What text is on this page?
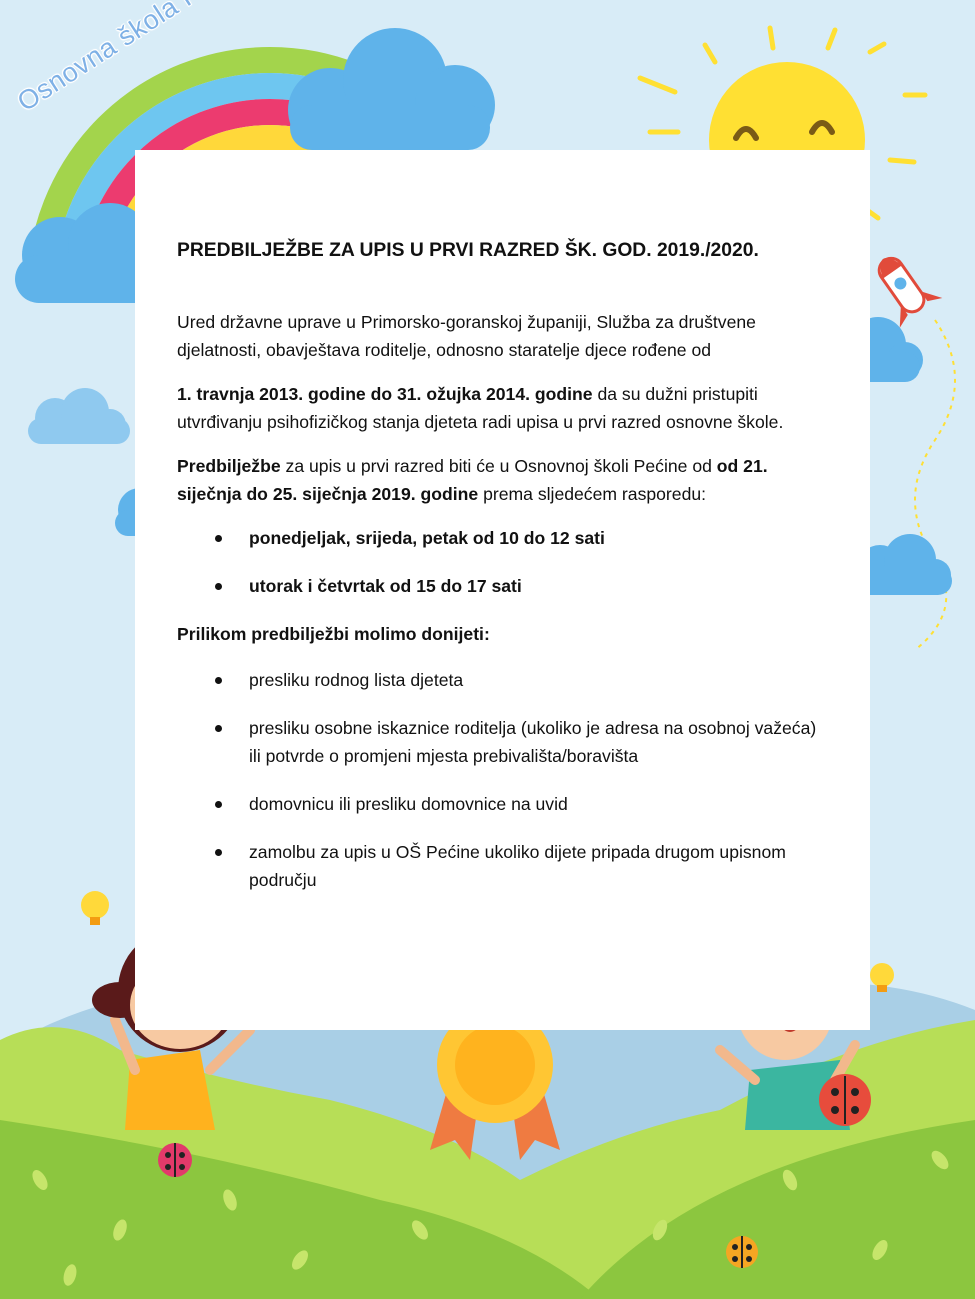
PREDBILJEŽBE ZA UPIS U PRVI RAZRED ŠK. GOD. 2019./2020.

Ured državne uprave u Primorsko-goranskoj županiji, Služba za društvene djelatnosti, obavještava roditelje, odnosno staratelje djece rođene od

1. travnja 2013. godine do 31. ožujka 2014. godine da su dužni pristupiti utvrđivanju psihofizičkog stanja djeteta radi upisa u prvi razred osnovne škole.

Predbilježbe za upis u prvi razred biti će u Osnovnoj školi Pećine od od 21. siječnja do 25. siječnja 2019. godine prema sljedećem rasporedu:

ponedjeljak, srijeda, petak od 10 do 12 sati
utorak i četvrtak od 15 do 17 sati

Prilikom predbilježbi molimo donijeti:

presliku rodnog lista djeteta
presliku osobne iskaznice roditelja (ukoliko je adresa na osobnoj važeća) ili potvrde o promjeni mjesta prebivališta/boravišta
domovnicu ili presliku domovnice na uvid
zamolbu za upis u OŠ Pećine ukoliko dijete pripada drugom upisnom području
